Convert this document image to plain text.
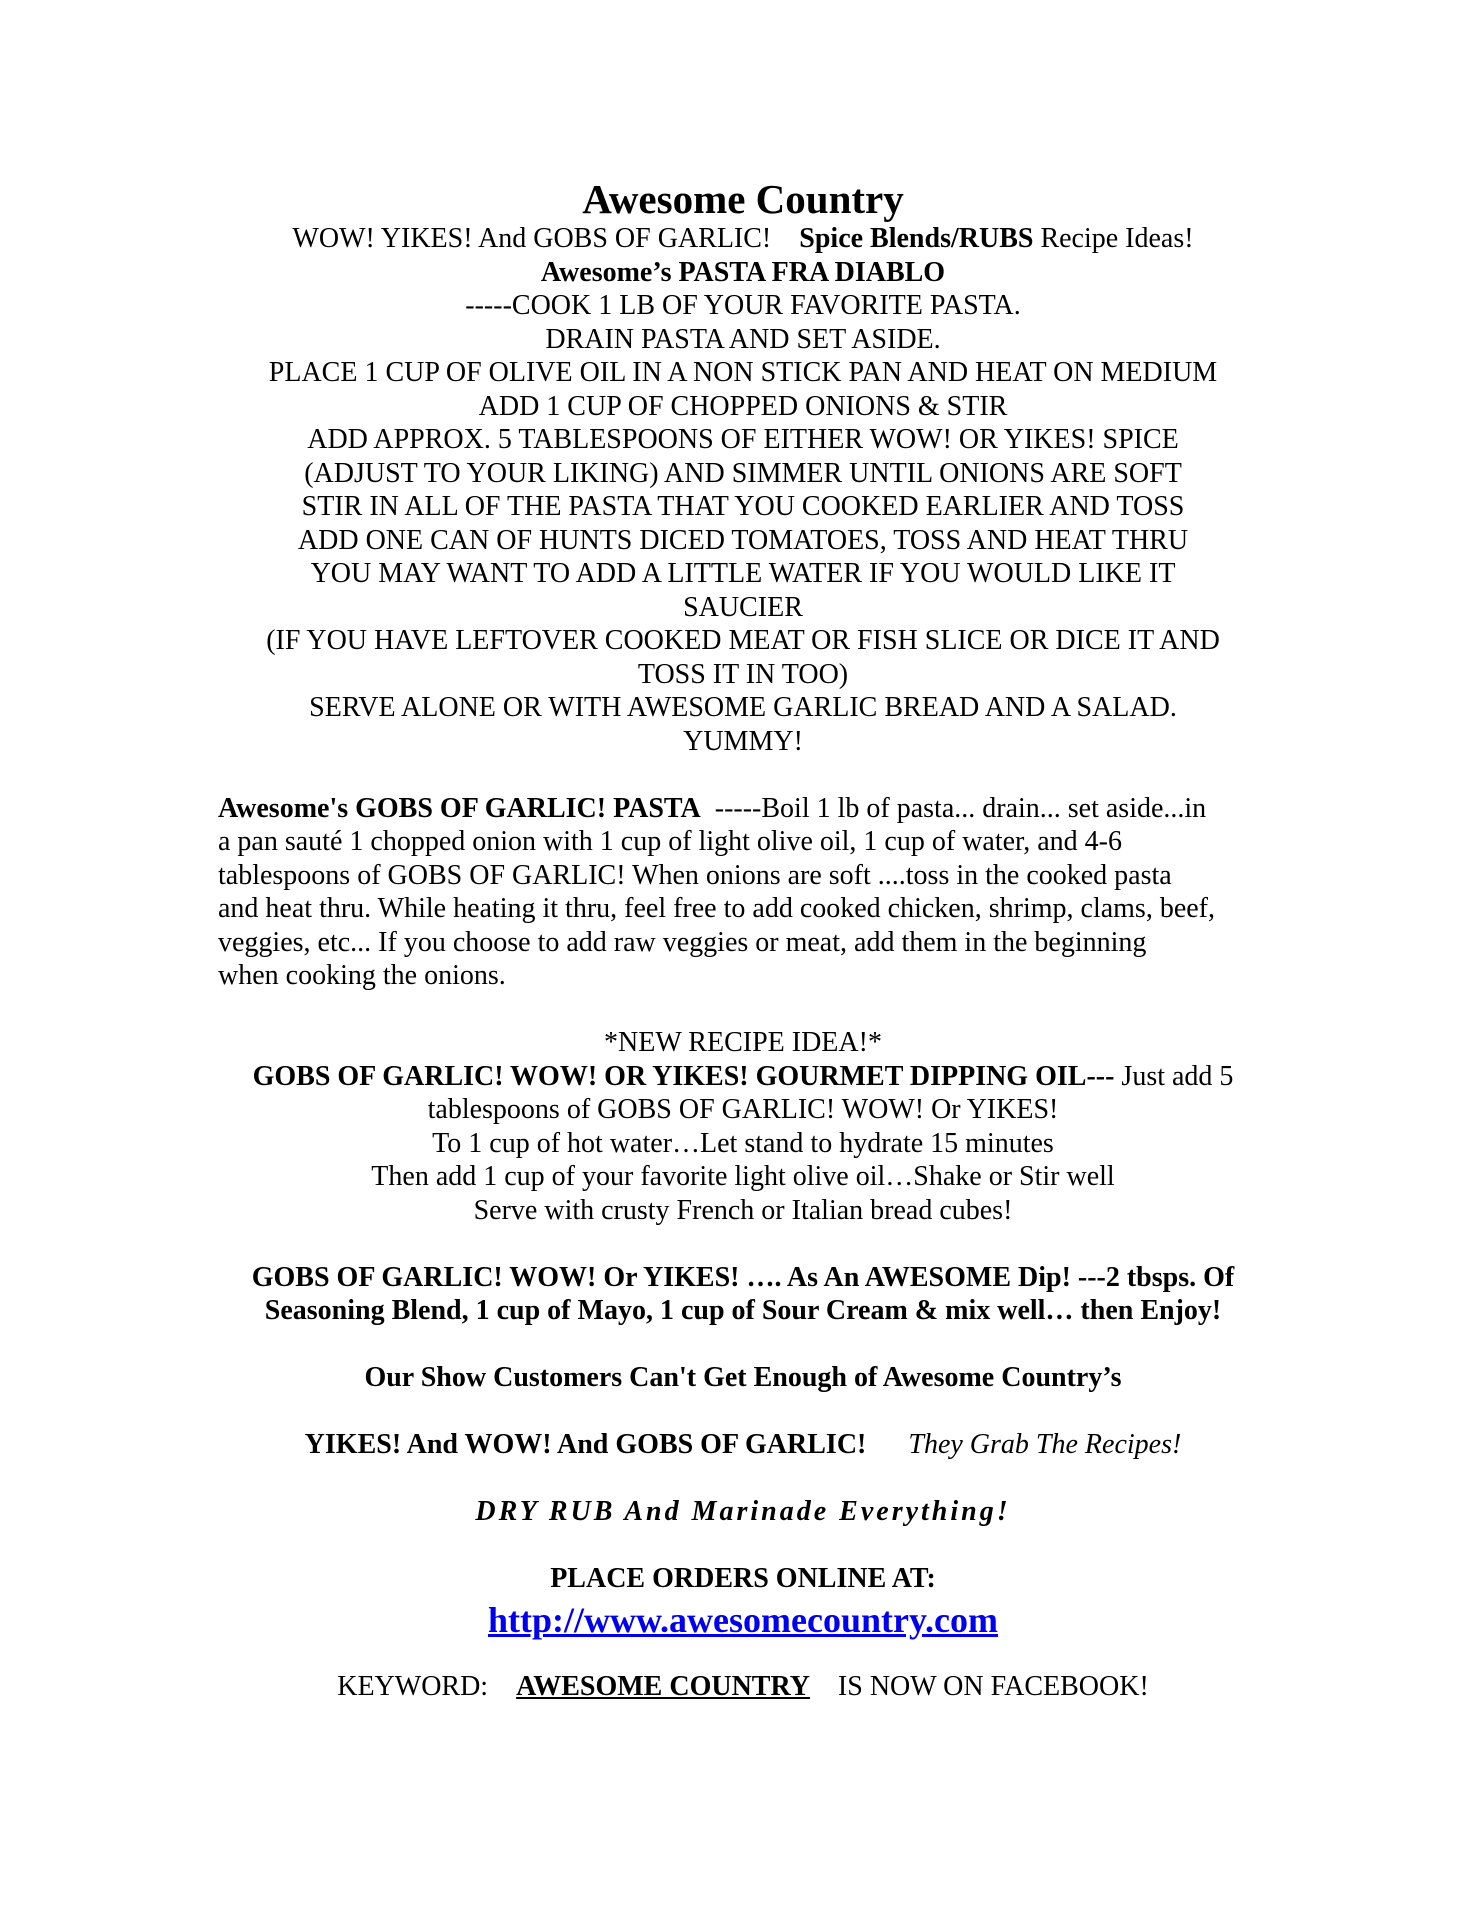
Awesome Country
WOW! YIKES! And GOBS OF GARLIC! Spice Blends/RUBS Recipe Ideas!
Awesome’s PASTA FRA DIABLO
-----COOK 1 LB OF YOUR FAVORITE PASTA.
DRAIN PASTA AND SET ASIDE.
PLACE 1 CUP OF OLIVE OIL IN A NON STICK PAN AND HEAT ON MEDIUM
ADD 1 CUP OF CHOPPED ONIONS & STIR
ADD APPROX. 5 TABLESPOONS OF EITHER WOW! OR YIKES! SPICE
(ADJUST TO YOUR LIKING) AND SIMMER UNTIL ONIONS ARE SOFT
STIR IN ALL OF THE PASTA THAT YOU COOKED EARLIER AND TOSS
ADD ONE CAN OF HUNTS DICED TOMATOES, TOSS AND HEAT THRU
YOU MAY WANT TO ADD A LITTLE WATER IF YOU WOULD LIKE IT
SAUCIER
(IF YOU HAVE LEFTOVER COOKED MEAT OR FISH SLICE OR DICE IT AND
TOSS IT IN TOO)
SERVE ALONE OR WITH AWESOME GARLIC BREAD AND A SALAD.
YUMMY!
Awesome's GOBS OF GARLIC! PASTA -----Boil 1 lb of pasta... drain... set aside...in
a pan sauté 1 chopped onion with 1 cup of light olive oil, 1 cup of water, and 4-6
tablespoons of GOBS OF GARLIC! When onions are soft ....toss in the cooked pasta
and heat thru. While heating it thru, feel free to add cooked chicken, shrimp, clams, beef,
veggies, etc... If you choose to add raw veggies or meat, add them in the beginning
when cooking the onions.
*NEW RECIPE IDEA!*
GOBS OF GARLIC! WOW! OR YIKES! GOURMET DIPPING OIL--- Just add 5
tablespoons of GOBS OF GARLIC! WOW! Or YIKES!
To 1 cup of hot water…Let stand to hydrate 15 minutes
Then add 1 cup of your favorite light olive oil…Shake or Stir well
Serve with crusty French or Italian bread cubes!
GOBS OF GARLIC! WOW! Or YIKES! …. As An AWESOME Dip! ---2 tbsps. Of
Seasoning Blend, 1 cup of Mayo, 1 cup of Sour Cream & mix well… then Enjoy!
Our Show Customers Can't Get Enough of Awesome Country’s
YIKES! And WOW! And GOBS OF GARLIC! They Grab The Recipes!
DRY RUB And Marinade Everything!
PLACE ORDERS ONLINE AT:
http://www.awesomecountry.com
KEYWORD: AWESOME COUNTRY IS NOW ON FACEBOOK!
